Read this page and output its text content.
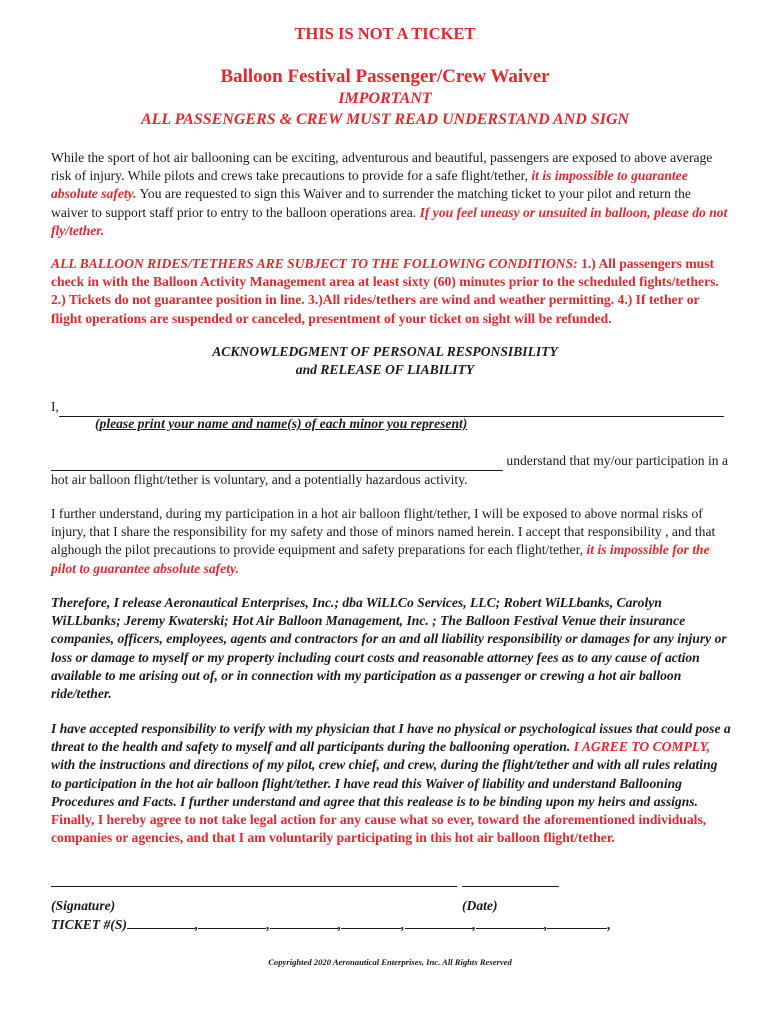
THIS IS NOT A TICKET

Balloon Festival Passenger/Crew Waiver

IMPORTANT

ALL PASSENGERS & CREW MUST READ UNDERSTAND AND SIGN

While the sport of hot air ballooning can be exciting, adventurous and beautiful, passengers are exposed to above average risk of injury. While pilots and crews take precautions to provide for a safe flight/tether, it is impossible to guarantee absolute safety. You are requested to sign this Waiver and to surrender the matching ticket to your pilot and return the waiver to support staff prior to entry to the balloon operations area. If you feel uneasy or unsuited in balloon, please do not fly/tether.

ALL BALLOON RIDES/TETHERS ARE SUBJECT TO THE FOLLOWING CONDITIONS: 1.) All passengers must check in with the Balloon Activity Management area at least sixty (60) minutes prior to the scheduled fights/tethers. 2.) Tickets do not guarantee position in line. 3.)All rides/tethers are wind and weather permitting. 4.) If tether or flight operations are suspended or canceled, presentment of your ticket on sight will be refunded.

ACKNOWLEDGMENT OF PERSONAL RESPONSIBILITY

and RELEASE OF LIABILITY

I,

(please print your name and name(s) of each minor you represent)

understand that my/our participation in a hot air balloon flight/tether is voluntary, and a potentially hazardous activity.

I further understand, during my participation in a hot air balloon flight/tether, I will be exposed to above normal risks of injury, that I share the responsibility for my safety and those of minors named herein. I accept that responsibility , and that alghough the pilot precautions to provide equipment and safety preparations for each flight/tether, it is impossible for the pilot to guarantee absolute safety.

Therefore, I release Aeronautical Enterprises, Inc.; dba WiLLCo Services, LLC; Robert WiLLbanks, Carolyn WiLLbanks; Jeremy Kwaterski; Hot Air Balloon Management, Inc. ; The Balloon Festival Venue their insurance companies, officers, employees, agents and contractors for an and all liability responsibility or damages for any injury or loss or damage to myself or my property including court costs and reasonable attorney fees as to any cause of action available to me arising out of, or in connection with my participation as a passenger or crewing a hot air balloon ride/tether.

I have accepted responsibility to verify with my physician that I have no physical or psychological issues that could pose a threat to the health and safety to myself and all participants during the ballooning operation. I AGREE TO COMPLY, with the instructions and directions of my pilot, crew chief, and crew, during the flight/tether and with all rules relating to participation in the hot air balloon flight/tether. I have read this Waiver of liability and understand Ballooning Procedures and Facts. I further understand and agree that this realease is to be binding upon my heirs and assigns. Finally, I hereby agree to not take legal action for any cause what so ever, toward the aforementioned individuals, companies or agencies, and that I am voluntarily participating in this hot air balloon flight/tether.

(Signature)	(Date)

TICKET #(S)	,	,	,	,	,	,	,

Copyrighted 2020 Aeronautical Enterprises, Inc. All Rights Reserved
